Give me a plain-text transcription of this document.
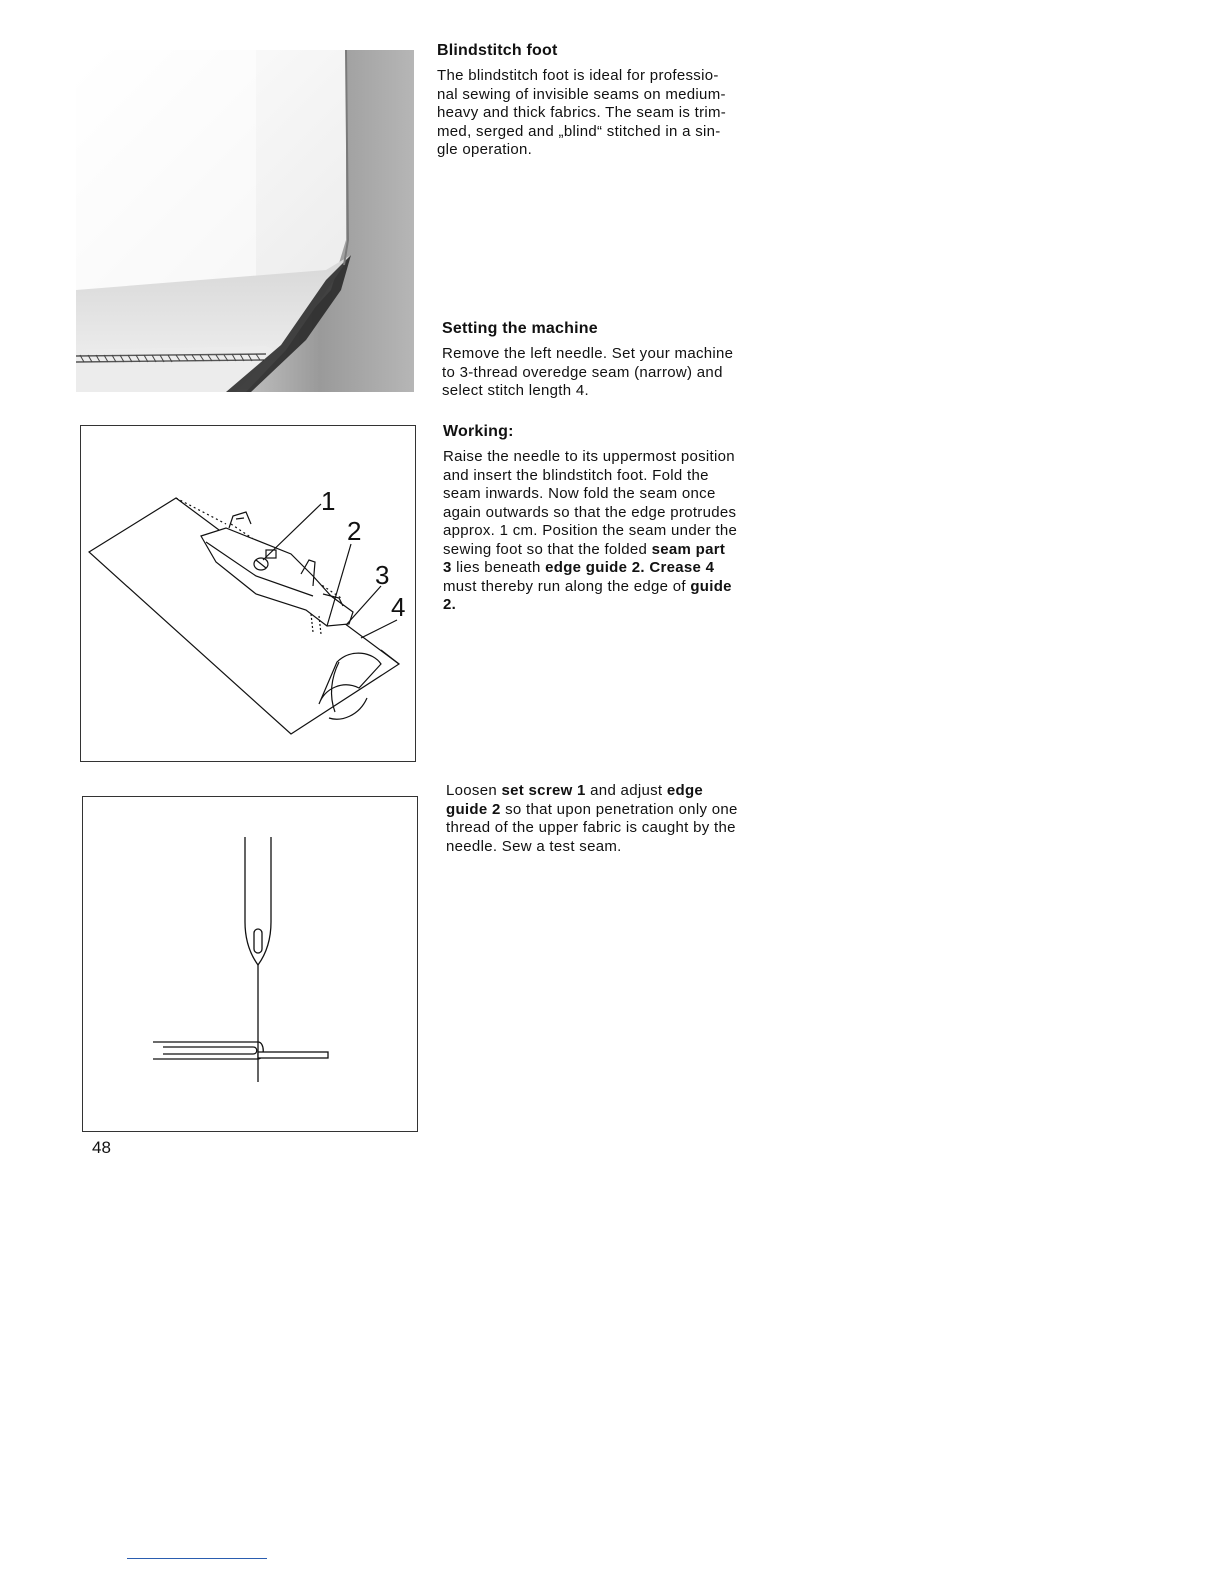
1
2
3
4

Blindstitch foot

The blindstitch foot is ideal for professio-

nal sewing of invisible seams on medium-

heavy and thick fabrics. The seam is trim-

med, serged and „blind“ stitched in a sin-

gle operation.

Setting the machine

Remove the left needle. Set your machine

to 3-thread overedge seam (narrow) and

select stitch length 4.

Working:

Raise the needle to its uppermost position

and insert the blindstitch foot. Fold the

seam inwards. Now fold the seam once

again outwards so that the edge protrudes

approx. 1 cm. Position the seam under the

sewing foot so that the folded seam part

3 lies beneath edge guide 2. Crease 4

must thereby run along the edge of guide

2.

Loosen set screw 1 and adjust edge

guide 2 so that upon penetration only one

thread of the upper fabric is caught by the

needle. Sew a test seam.

48
